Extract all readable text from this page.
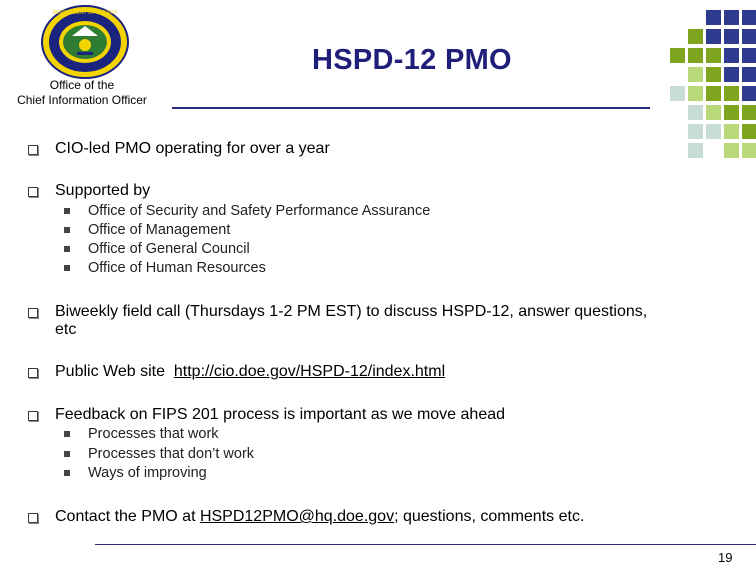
DEPARTMENT OF ENERGY
Office of the
Chief Information Officer
HSPD-12 PMO
CIO-led PMO operating for over a year
Supported by
Office of Security and Safety Performance Assurance
Office of Management
Office of General Council
Office of Human Resources
Biweekly field call (Thursdays 1-2 PM EST) to discuss HSPD-12, answer questions, etc
Public Web site  http://cio.doe.gov/HSPD-12/index.html
Feedback on FIPS 201 process is important as we move ahead
Processes that work
Processes that don’t work
Ways of improving
Contact the PMO at HSPD12PMO@hq.doe.gov; questions, comments etc.
19
